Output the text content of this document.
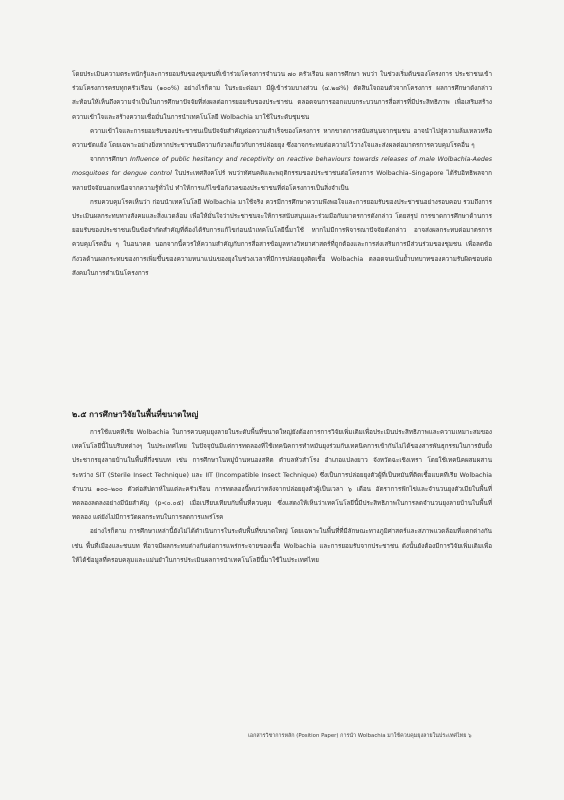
โดยประเมินความตระหนักรู้และการยอมรับของชุมชนที่เข้าร่วมโครงการจำนวน ๗๐ ครัวเรือน ผลการศึกษา พบว่า ในช่วงเริ่มต้นของโครงการ ประชาชนเข้าร่วมโครงการครบทุกครัวเรือน (๑๐๐%) อย่างไรก็ตาม ในระยะต่อมา มีผู้เข้าร่วมบางส่วน (๔.๒๘%) ตัดสินใจถอนตัวจากโครงการ ผลการศึกษาดังกล่าวสะท้อนให้เห็นถึงความจำเป็นในการศึกษาปัจจัยที่ส่งผลต่อการยอมรับของประชาชน ตลอดจนการออกแบบกระบวนการสื่อสารที่มีประสิทธิภาพ เพื่อเสริมสร้างความเข้าใจและสร้างความเชื่อมั่นในการนำเทคโนโลยี Wolbachia มาใช้ในระดับชุมชน

ความเข้าใจและการยอมรับของประชาชนเป็นปัจจัยสำคัญต่อความสำเร็จของโครงการ หากขาดการสนับสนุนจากชุมชน อาจนำไปสู่ความล้มเหลวหรือความขัดแย้ง โดยเฉพาะอย่างยิ่งหากประชาชนมีความกังวลเกี่ยวกับการปล่อยยุง ซึ่งอาจกระทบต่อความไว้วางใจและส่งผลต่อมาตรการควบคุมโรคอื่น ๆ

จากการศึกษา Influence of public hesitancy and receptivity on reactive behaviours towards releases of male Wolbachia-Aedes mosquitoes for dengue control ในประเทศสิงคโปร์ พบว่าทัศนคติและพฤติกรรมของประชาชนต่อโครงการ Wolbachia–Singapore ได้รับอิทธิพลจากหลายปัจจัยนอกเหนือจากความรู้ทั่วไป ทำให้การแก้ไขข้อกังวลของประชาชนที่ต่อโครงการเป็นสิ่งจำเป็น

กรมควบคุมโรคเห็นว่า ก่อนนำเทคโนโลยี Wolbachia มาใช้จริง ควรมีการศึกษาความพึงพอใจและการยอมรับของประชาชนอย่างรอบคอบ รวมถึงการประเมินผลกระทบทางสังคมและสิ่งแวดล้อม เพื่อให้มั่นใจว่าประชาชนจะให้การสนับสนุนและร่วมมือกับมาตรการดังกล่าว โดยสรุป การขาดการศึกษาด้านการยอมรับของประชาชนเป็นข้อจำกัดสำคัญที่ต้องได้รับการแก้ไขก่อนนำเทคโนโลยีนี้มาใช้ หากไม่มีการพิจารณาปัจจัยดังกล่าว อาจส่งผลกระทบต่อมาตรการควบคุมโรคอื่น ๆ ในอนาคต นอกจากนี้ควรให้ความสำคัญกับการสื่อสารข้อมูลทางวิทยาศาสตร์ที่ถูกต้องและการส่งเสริมการมีส่วนร่วมของชุมชน เพื่อลดข้อกังวลด้านผลกระทบของการเพิ่มขึ้นของความหนาแน่นของยุงในช่วงเวลาที่มีการปล่อยยุงติดเชื้อ Wolbachia ตลอดจนเน้นย้ำบทบาทของความรับผิดชอบต่อสังคมในการดำเนินโครงการ

๒.๕ การศึกษาวิจัยในพื้นที่ขนาดใหญ่

การใช้แบคทีเรีย Wolbachia ในการควบคุมยุงลายในระดับพื้นที่ขนาดใหญ่ยังต้องการการวิจัยเพิ่มเติมเพื่อประเมินประสิทธิภาพและความเหมาะสมของเทคโนโลยีนี้ในบริบทต่างๆ ในประเทศไทย ในปัจจุบันมีแต่การทดลองที่ใช้เทคนิคการทำหมันยุงร่วมกับเทคนิคการเข้ากันไม่ได้ของสารพันธุกรรมในการยับยั้งประชากรยุงลายบ้านในพื้นที่กึ่งชนบท เช่น การศึกษาในหมู่บ้านหนองสทิต ตำบลหัวสำโรง อำเภอแปลงยาว จังหวัดฉะเชิงเทรา โดยใช้เทคนิคผสมผสานระหว่าง SIT (Sterile Insect Technique) และ IIT (Incompatible Insect Technique) ซึ่งเป็นการปล่อยยุงตัวผู้ที่เป็นหมันที่ติดเชื้อแบคทีเรีย Wolbachia จำนวน ๑๐๐–๒๐๐ ตัวต่อสัปดาห์ในแต่ละครัวเรือน การทดลองนี้พบว่าหลังจากปล่อยยุงตัวผู้เป็นเวลา ๖ เดือน อัตราการฟักไข่และจำนวนยุงตัวเมียในพื้นที่ทดลองลดลงอย่างมีนัยสำคัญ (p<๐.๐๕) เมื่อเปรียบเทียบกับพื้นที่ควบคุม ซึ่งแสดงให้เห็นว่าเทคโนโลยีนี้มีประสิทธิภาพในการลดจำนวนยุงลายบ้านในพื้นที่ทดลอง แต่ยังไม่มีการวัดผลกระทบในการลดการแพร่โรค

อย่างไรก็ตาม การศึกษาเหล่านี้ยังไม่ได้ดำเนินการในระดับพื้นที่ขนาดใหญ่ โดยเฉพาะในพื้นที่ที่มีลักษณะทางภูมิศาสตร์และสภาพแวดล้อมที่แตกต่างกัน เช่น พื้นที่เมืองและชนบท ที่อาจมีผลกระทบต่างกันต่อการแพร่กระจายของเชื้อ Wolbachia และการยอมรับจากประชาชน ดังนั้นยังต้องมีการวิจัยเพิ่มเติมเพื่อให้ได้ข้อมูลที่ครอบคลุมและแม่นยำในการประเมินผลการนำเทคโนโลยีนี้มาใช้ในประเทศไทย

เอกสารวิชาการหลัก (Position Paper) การนำ Wolbachia มาใช้ควบคุมยุงลายในประเทศไทย ๖
